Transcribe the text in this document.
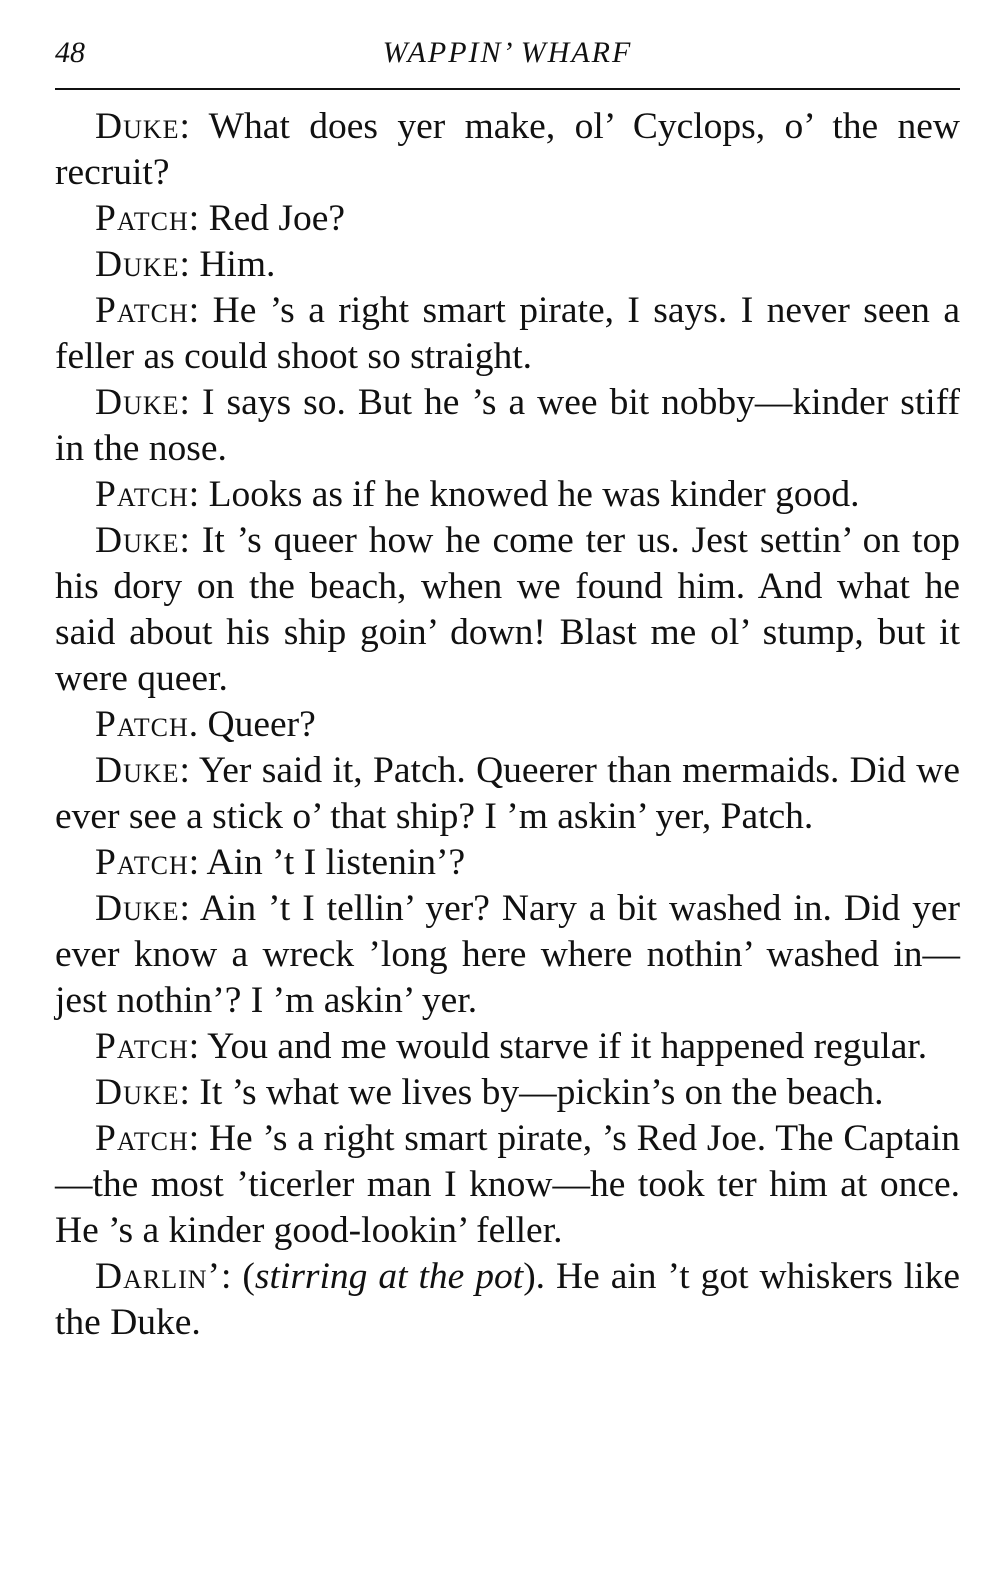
48	WAPPIN’ WHARF

Duke: What does yer make, ol’ Cyclops, o’ the new recruit?

Patch: Red Joe?

Duke: Him.

Patch: He ’s a right smart pirate, I says. I never seen a feller as could shoot so straight.

Duke: I says so. But he ’s a wee bit nobby—kinder stiff in the nose.

Patch: Looks as if he knowed he was kinder good.

Duke: It ’s queer how he come ter us. Jest settin’ on top his dory on the beach, when we found him. And what he said about his ship goin’ down! Blast me ol’ stump, but it were queer.

Patch. Queer?

Duke: Yer said it, Patch. Queerer than mermaids. Did we ever see a stick o’ that ship? I ’m askin’ yer, Patch.

Patch: Ain ’t I listenin’?

Duke: Ain ’t I tellin’ yer? Nary a bit washed in. Did yer ever know a wreck ’long here where nothin’ washed in—jest nothin’? I ’m askin’ yer.

Patch: You and me would starve if it happened regular.

Duke: It ’s what we lives by—pickin’s on the beach.

Patch: He ’s a right smart pirate, ’s Red Joe. The Captain—the most ’ticerler man I know—he took ter him at once. He ’s a kinder good-lookin’ feller.

Darlin’: (stirring at the pot). He ain ’t got whiskers like the Duke.
